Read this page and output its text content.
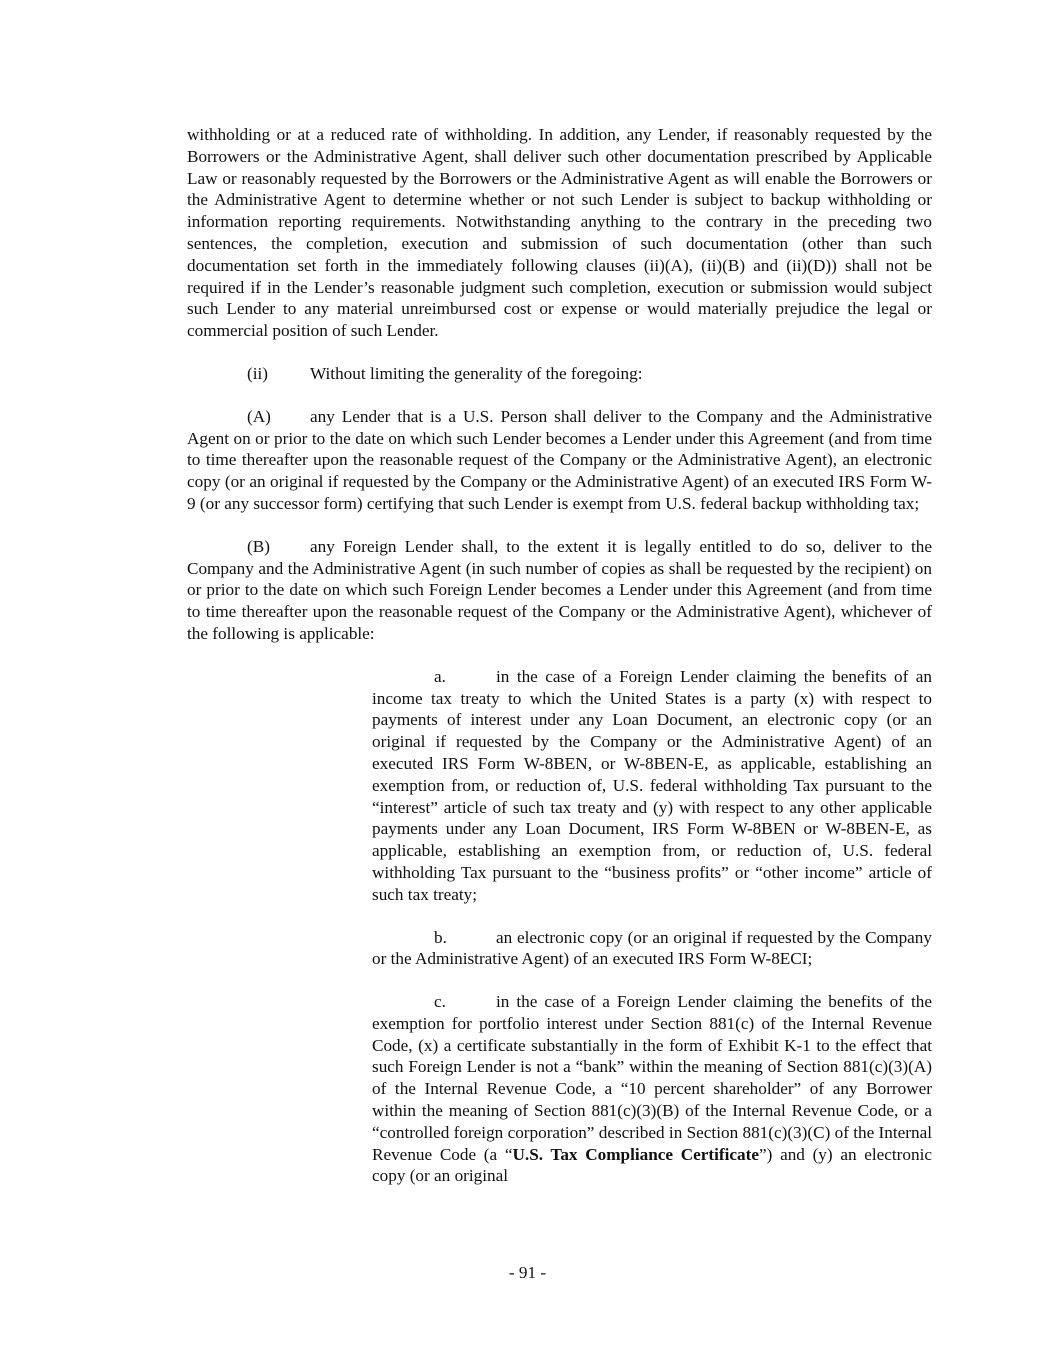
withholding or at a reduced rate of withholding. In addition, any Lender, if reasonably requested by the Borrowers or the Administrative Agent, shall deliver such other documentation prescribed by Applicable Law or reasonably requested by the Borrowers or the Administrative Agent as will enable the Borrowers or the Administrative Agent to determine whether or not such Lender is subject to backup withholding or information reporting requirements. Notwithstanding anything to the contrary in the preceding two sentences, the completion, execution and submission of such documentation (other than such documentation set forth in the immediately following clauses (ii)(A), (ii)(B) and (ii)(D)) shall not be required if in the Lender’s reasonable judgment such completion, execution or submission would subject such Lender to any material unreimbursed cost or expense or would materially prejudice the legal or commercial position of such Lender.

(ii) Without limiting the generality of the foregoing:

(A) any Lender that is a U.S. Person shall deliver to the Company and the Administrative Agent on or prior to the date on which such Lender becomes a Lender under this Agreement (and from time to time thereafter upon the reasonable request of the Company or the Administrative Agent), an electronic copy (or an original if requested by the Company or the Administrative Agent) of an executed IRS Form W-9 (or any successor form) certifying that such Lender is exempt from U.S. federal backup withholding tax;

(B) any Foreign Lender shall, to the extent it is legally entitled to do so, deliver to the Company and the Administrative Agent (in such number of copies as shall be requested by the recipient) on or prior to the date on which such Foreign Lender becomes a Lender under this Agreement (and from time to time thereafter upon the reasonable request of the Company or the Administrative Agent), whichever of the following is applicable:

a.	in the case of a Foreign Lender claiming the benefits of an income tax treaty to which the United States is a party (x) with respect to payments of interest under any Loan Document, an electronic copy (or an original if requested by the Company or the Administrative Agent) of an executed IRS Form W-8BEN, or W-8BEN-E, as applicable, establishing an exemption from, or reduction of, U.S. federal withholding Tax pursuant to the “interest” article of such tax treaty and (y) with respect to any other applicable payments under any Loan Document, IRS Form W-8BEN or W-8BEN-E, as applicable, establishing an exemption from, or reduction of, U.S. federal withholding Tax pursuant to the “business profits” or “other income” article of such tax treaty;

b.	an electronic copy (or an original if requested by the Company or the Administrative Agent) of an executed IRS Form W-8ECI;

c.	in the case of a Foreign Lender claiming the benefits of the exemption for portfolio interest under Section 881(c) of the Internal Revenue Code, (x) a certificate substantially in the form of Exhibit K-1 to the effect that such Foreign Lender is not a “bank” within the meaning of Section 881(c)(3)(A) of the Internal Revenue Code, a “10 percent shareholder” of any Borrower within the meaning of Section 881(c)(3)(B) of the Internal Revenue Code, or a “controlled foreign corporation” described in Section 881(c)(3)(C) of the Internal Revenue Code (a “U.S. Tax Compliance Certificate”) and (y) an electronic copy (or an original

- 91 -
